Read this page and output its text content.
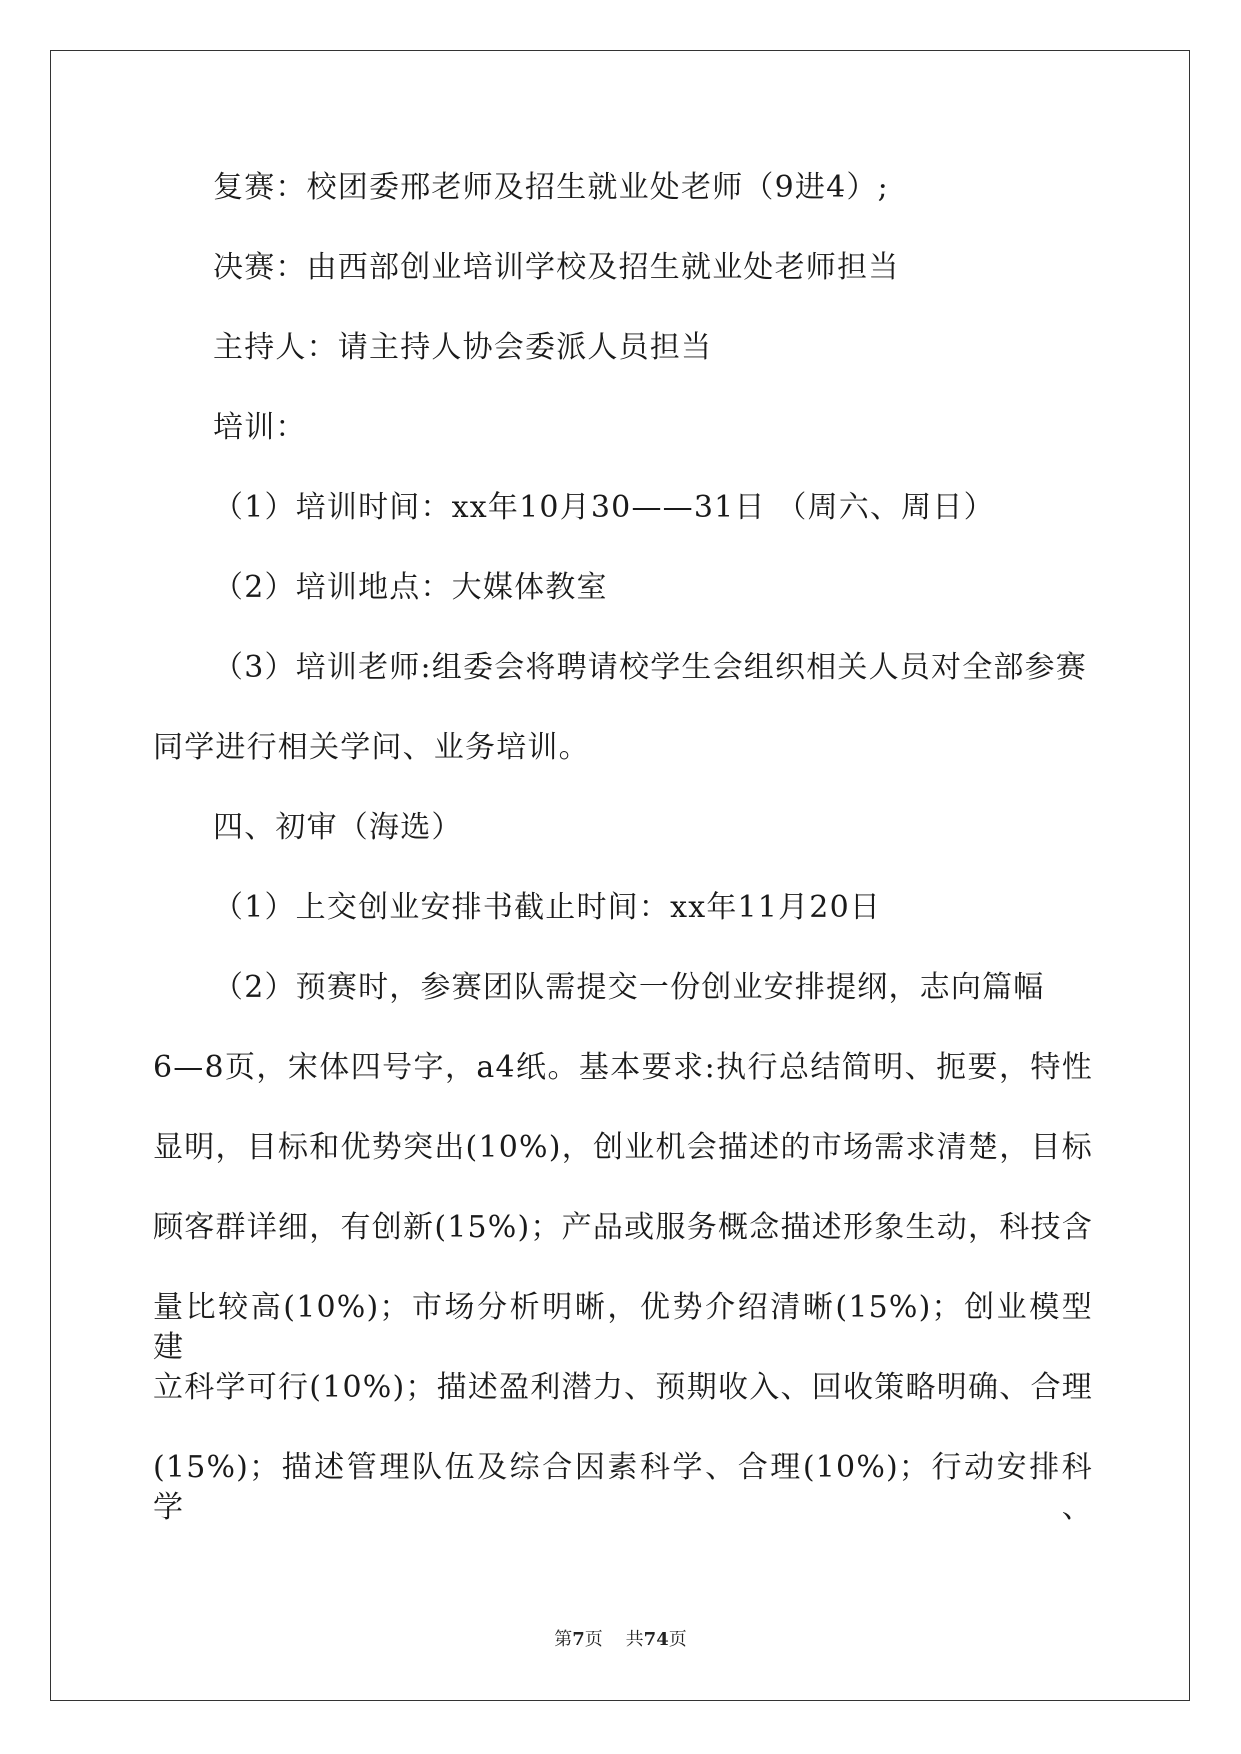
复赛：校团委邢老师及招生就业处老师（9进4）;
决赛：由西部创业培训学校及招生就业处老师担当
主持人：请主持人协会委派人员担当
培训：
（1）培训时间：xx年10月30——31日 （周六、周日）
（2）培训地点：大媒体教室
（3）培训老师:组委会将聘请校学生会组织相关人员对全部参赛
同学进行相关学问、业务培训。
四、初审（海选）
（1）上交创业安排书截止时间：xx年11月20日
（2）预赛时，参赛团队需提交一份创业安排提纲，志向篇幅
6—8页，宋体四号字，a4纸。基本要求:执行总结简明、扼要，特性
显明，目标和优势突出(10%)，创业机会描述的市场需求清楚，目标
顾客群详细，有创新(15%)；产品或服务概念描述形象生动，科技含
量比较高(10%)；市场分析明晰，优势介绍清晰(15%)；创业模型建
立科学可行(10%)；描述盈利潜力、预期收入、回收策略明确、合理
(15%)；描述管理队伍及综合因素科学、合理(10%)；行动安排科学、
第7页 共74页
